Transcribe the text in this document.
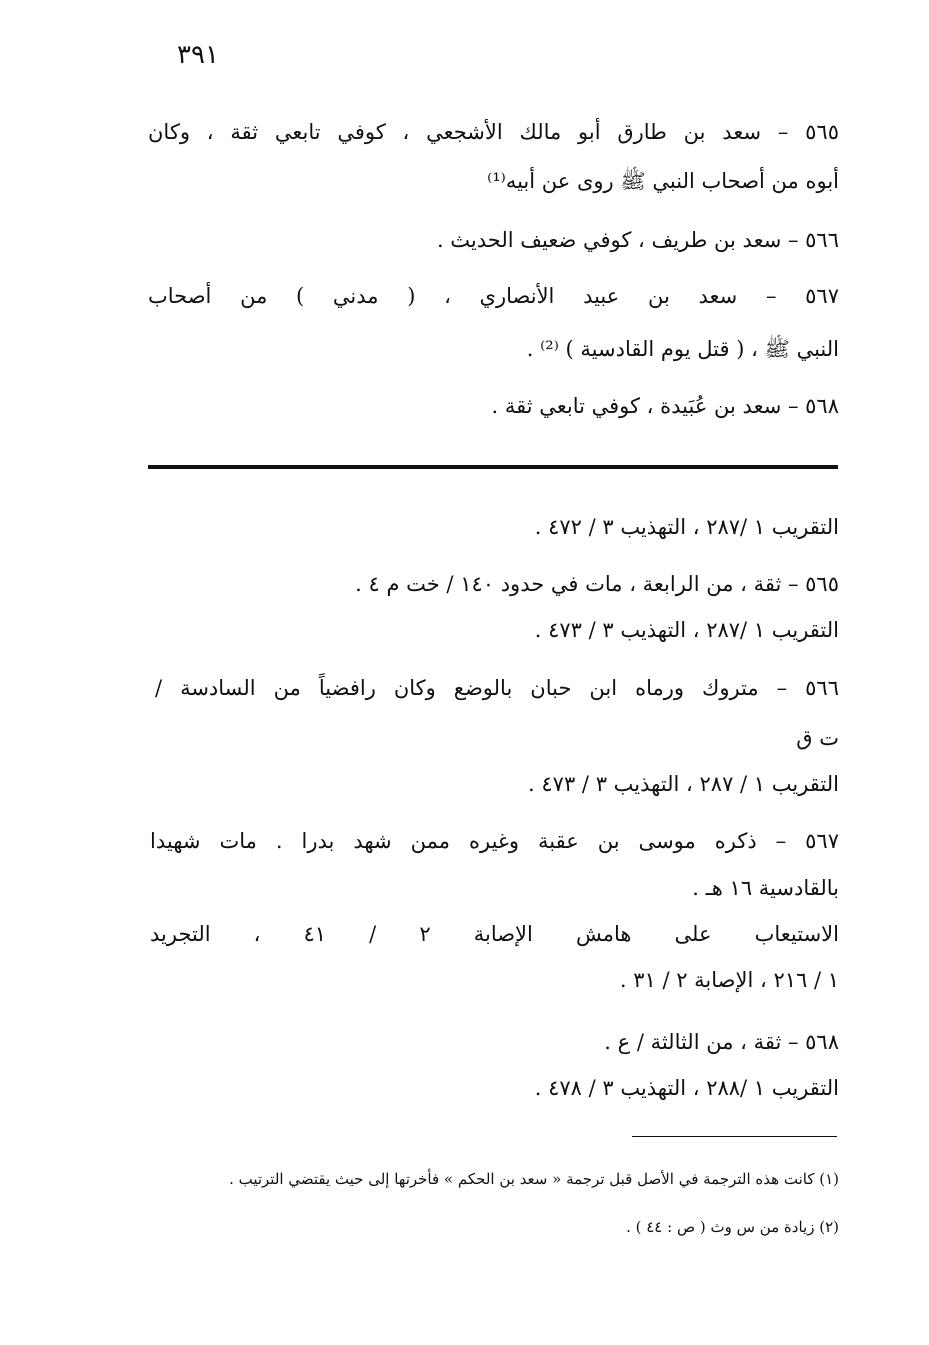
٣٩١
٥٦٥ – سعد بن طارق أبو مالك الأشجعي ، كوفي تابعي ثقة ، وكان
أبوه من أصحاب النبي ﷺ روى عن أبيه⁽¹⁾
٥٦٦ – سعد بن طريف ، كوفي ضعيف الحديث .
٥٦٧ – سعد بن عبيد الأنصاري ، ( مدني ) من أصحاب
النبي ﷺ ، ( قتل يوم القادسية ) ⁽²⁾ .
٥٦٨ – سعد بن عُبَيدة ، كوفي تابعي ثقة .
التقريب ١ /٢٨٧ ، التهذيب ٣ / ٤٧٢ .
٥٦٥ – ثقة ، من الرابعة ، مات في حدود ١٤٠ / خت م ٤ .
التقريب ١ /٢٨٧ ، التهذيب ٣ / ٤٧٣ .
٥٦٦ – متروك ورماه ابن حبان بالوضع وكان رافضياً من السادسة /
ت ق
التقريب ١ / ٢٨٧ ، التهذيب ٣ / ٤٧٣ .
٥٦٧ – ذكره موسى بن عقبة وغيره ممن شهد بدرا . مات شهيدا
بالقادسية ١٦ هـ .
الاستيعاب على هامش الإصابة ٢ / ٤١ ، التجريد
١ / ٢١٦ ، الإصابة ٢ / ٣١ .
٥٦٨ – ثقة ، من الثالثة / ع .
التقريب ١ /٢٨٨ ، التهذيب ٣ / ٤٧٨ .
(١) كانت هذه الترجمة في الأصل قبل ترجمة « سعد بن الحكم » فأخرتها إلى حيث يقتضي الترتيب .
(٢) زيادة من س وث ( ص : ٤٤ ) .
